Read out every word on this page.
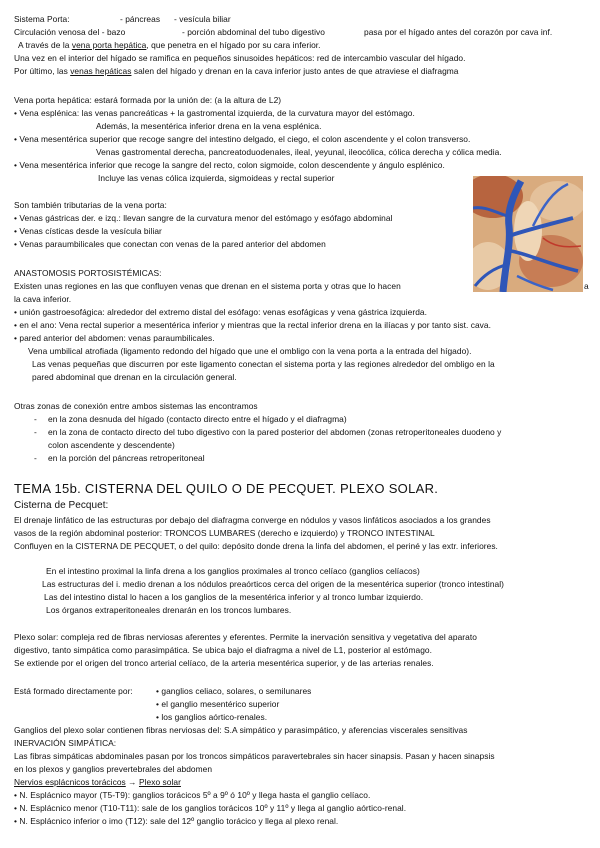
Sistema Porta:	- páncreas - vesícula biliar
Circulación venosa del - bazo	- porción abdominal del tubo digestivo	pasa por el hígado antes del corazón por cava inf.
A través de la vena porta hepática, que penetra en el hígado por su cara inferior.
Una vez en el interior del hígado se ramifica en pequeños sinusoides hepáticos: red de intercambio vascular del hígado.
Por último, las venas hepáticas salen del hígado y drenan en la cava inferior justo antes de que atraviese el diafragma
Vena porta hepática: estará formada por la unión de: (a la altura de L2)
• Vena esplénica: las venas pancreáticas + la gastromental izquierda, de la curvatura mayor del estómago.
Además, la mesentérica inferior drena en la vena esplénica.
• Vena mesentérica superior que recoge sangre del intestino delgado, el ciego, el colon ascendente y el colon transverso.
Venas gastromental derecha, pancreatoduodenales, ileal, yeyunal, ileocólica, cólica derecha y cólica media.
• Vena mesentérica inferior que recoge la sangre del recto, colon sigmoide, colon descendente y ángulo esplénico.
Incluye las venas cólica izquierda, sigmoideas y rectal superior
Son también tributarias de la vena porta:
• Venas gástricas der. e izq.: llevan sangre de la curvatura menor del estómago y esófago abdominal
• Venas císticas desde la vesícula biliar
• Venas paraumbilicales que conectan con venas de la pared anterior del abdomen
ANASTOMOSIS PORTOSISTÉMICAS:
Existen unas regiones en las que confluyen venas que drenan en el sistema porta y otras que lo hacen	a
la cava inferior.
• unión gastroesofágica: alrededor del extremo distal del esófago: venas esofágicas y vena gástrica izquierda.
• en el ano: Vena rectal superior a mesentérica inferior y mientras que la rectal inferior drena en la ilíacas y por tanto sist. cava.
• pared anterior del abdomen: venas paraumbilicales.
Vena umbilical atrofiada (ligamento redondo del hígado que une el ombligo con la vena porta a la entrada del hígado).
Las venas pequeñas que discurren por este ligamento conectan el sistema porta y las regiones alrededor del ombligo en la
pared abdominal que drenan en la circulación general.
Otras zonas de conexión entre ambos sistemas las encontramos
- en la zona desnuda del hígado (contacto directo entre el hígado y el diafragma)
- en la zona de contacto directo del tubo digestivo con la pared posterior del abdomen (zonas retroperitoneales duodeno y
colon ascendente y descendente)
- en la porción del páncreas retroperitoneal
TEMA 15b. CISTERNA DEL QUILO O DE PECQUET. PLEXO SOLAR.
Cisterna de Pecquet:
El drenaje linfático de las estructuras por debajo del diafragma converge en nódulos y vasos linfáticos asociados a los grandes
vasos de la región abdominal posterior: TRONCOS LUMBARES (derecho e izquierdo) y TRONCO INTESTINAL
Confluyen en la CISTERNA DE PECQUET, o del quilo: depósito donde drena la linfa del abdomen, el periné y las extr. inferiores.
En el intestino proximal la linfa drena a los ganglios proximales al tronco celíaco (ganglios celíacos)
Las estructuras del i. medio drenan a los nódulos preaórticos cerca del origen de la mesentérica superior (tronco intestinal)
Las del intestino distal lo hacen a los ganglios de la mesentérica inferior y al tronco lumbar izquierdo.
Los órganos extraperitoneales drenarán en los troncos lumbares.
Plexo solar: compleja red de fibras nerviosas aferentes y eferentes. Permite la inervación sensitiva y vegetativa del aparato
digestivo, tanto simpática como parasimpática. Se ubica bajo el diafragma a nivel de L1, posterior al estómago.
Se extiende por el origen del tronco arterial celíaco, de la arteria mesentérica superior, y de las arterias renales.
Está formado directamente por:	• ganglios celiaco, solares, o semilunares
• el ganglio mesentérico superior
• los ganglios aórtico-renales.
Ganglios del plexo solar contienen fibras nerviosas del: S.A simpático y parasimpático, y aferencias viscerales sensitivas
INERVACIÓN SIMPÁTICA:
Las fibras simpáticas abdominales pasan por los troncos simpáticos paravertebrales sin hacer sinapsis. Pasan y hacen sinapsis
en los plexos y ganglios prevertebrales del abdomen
Nervios esplácnicos torácicos → Plexo solar
• N. Esplácnico mayor (T5-T9): ganglios torácicos 5º a 9º ó 10º y llega hasta el ganglio celíaco.
• N. Esplácnico menor (T10-T11): sale de los ganglios torácicos 10º y 11º y llega al ganglio aórtico-renal.
• N. Esplácnico inferior o imo (T12): sale del 12º ganglio torácico y llega al plexo renal.
